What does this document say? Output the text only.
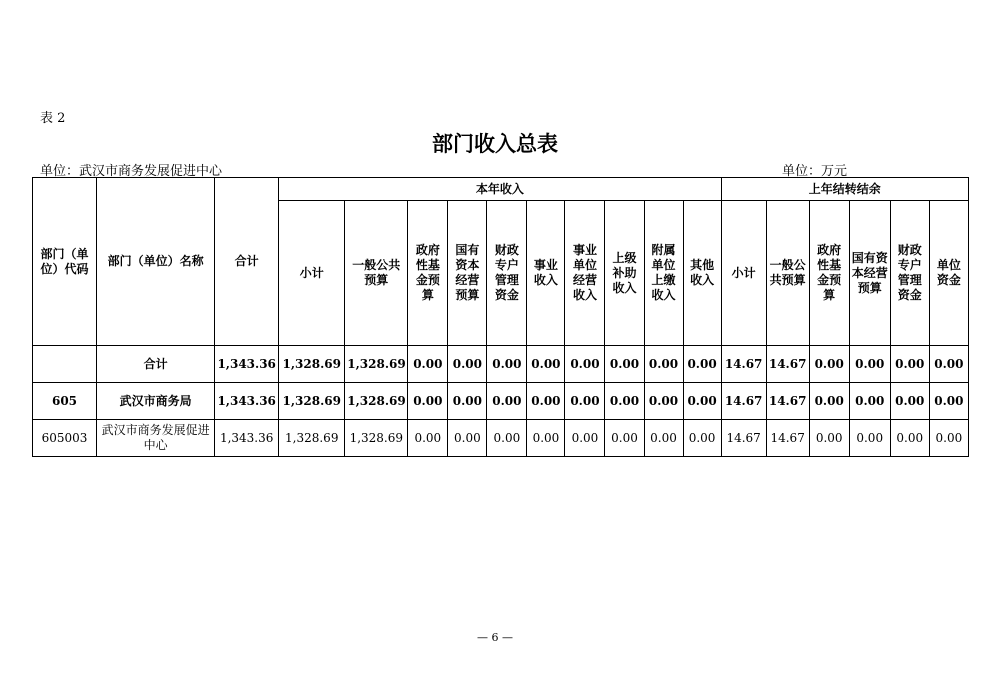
表 2
部门收入总表
单位：武汉市商务发展促进中心	单位：万元
部门（单位）代码	部门（单位）名称	合计	本年收入										上年结转结余					
			小计	一般公共预算	政府性基金预算	国有资本经营预算	财政专户管理资金	事业收入	事业单位经营收入	上级补助收入	附属单位上缴收入	其他收入	小计	一般公共预算	政府性基金预算	国有资本经营预算	财政专户管理资金	单位资金
	合计	1,343.36	1,328.69	1,328.69	0.00	0.00	0.00	0.00	0.00	0.00	0.00	0.00	14.67	14.67	0.00	0.00	0.00	0.00
605	武汉市商务局	1,343.36	1,328.69	1,328.69	0.00	0.00	0.00	0.00	0.00	0.00	0.00	0.00	14.67	14.67	0.00	0.00	0.00	0.00
605003	武汉市商务发展促进中心	1,343.36	1,328.69	1,328.69	0.00	0.00	0.00	0.00	0.00	0.00	0.00	0.00	14.67	14.67	0.00	0.00	0.00	0.00
— 6 —
